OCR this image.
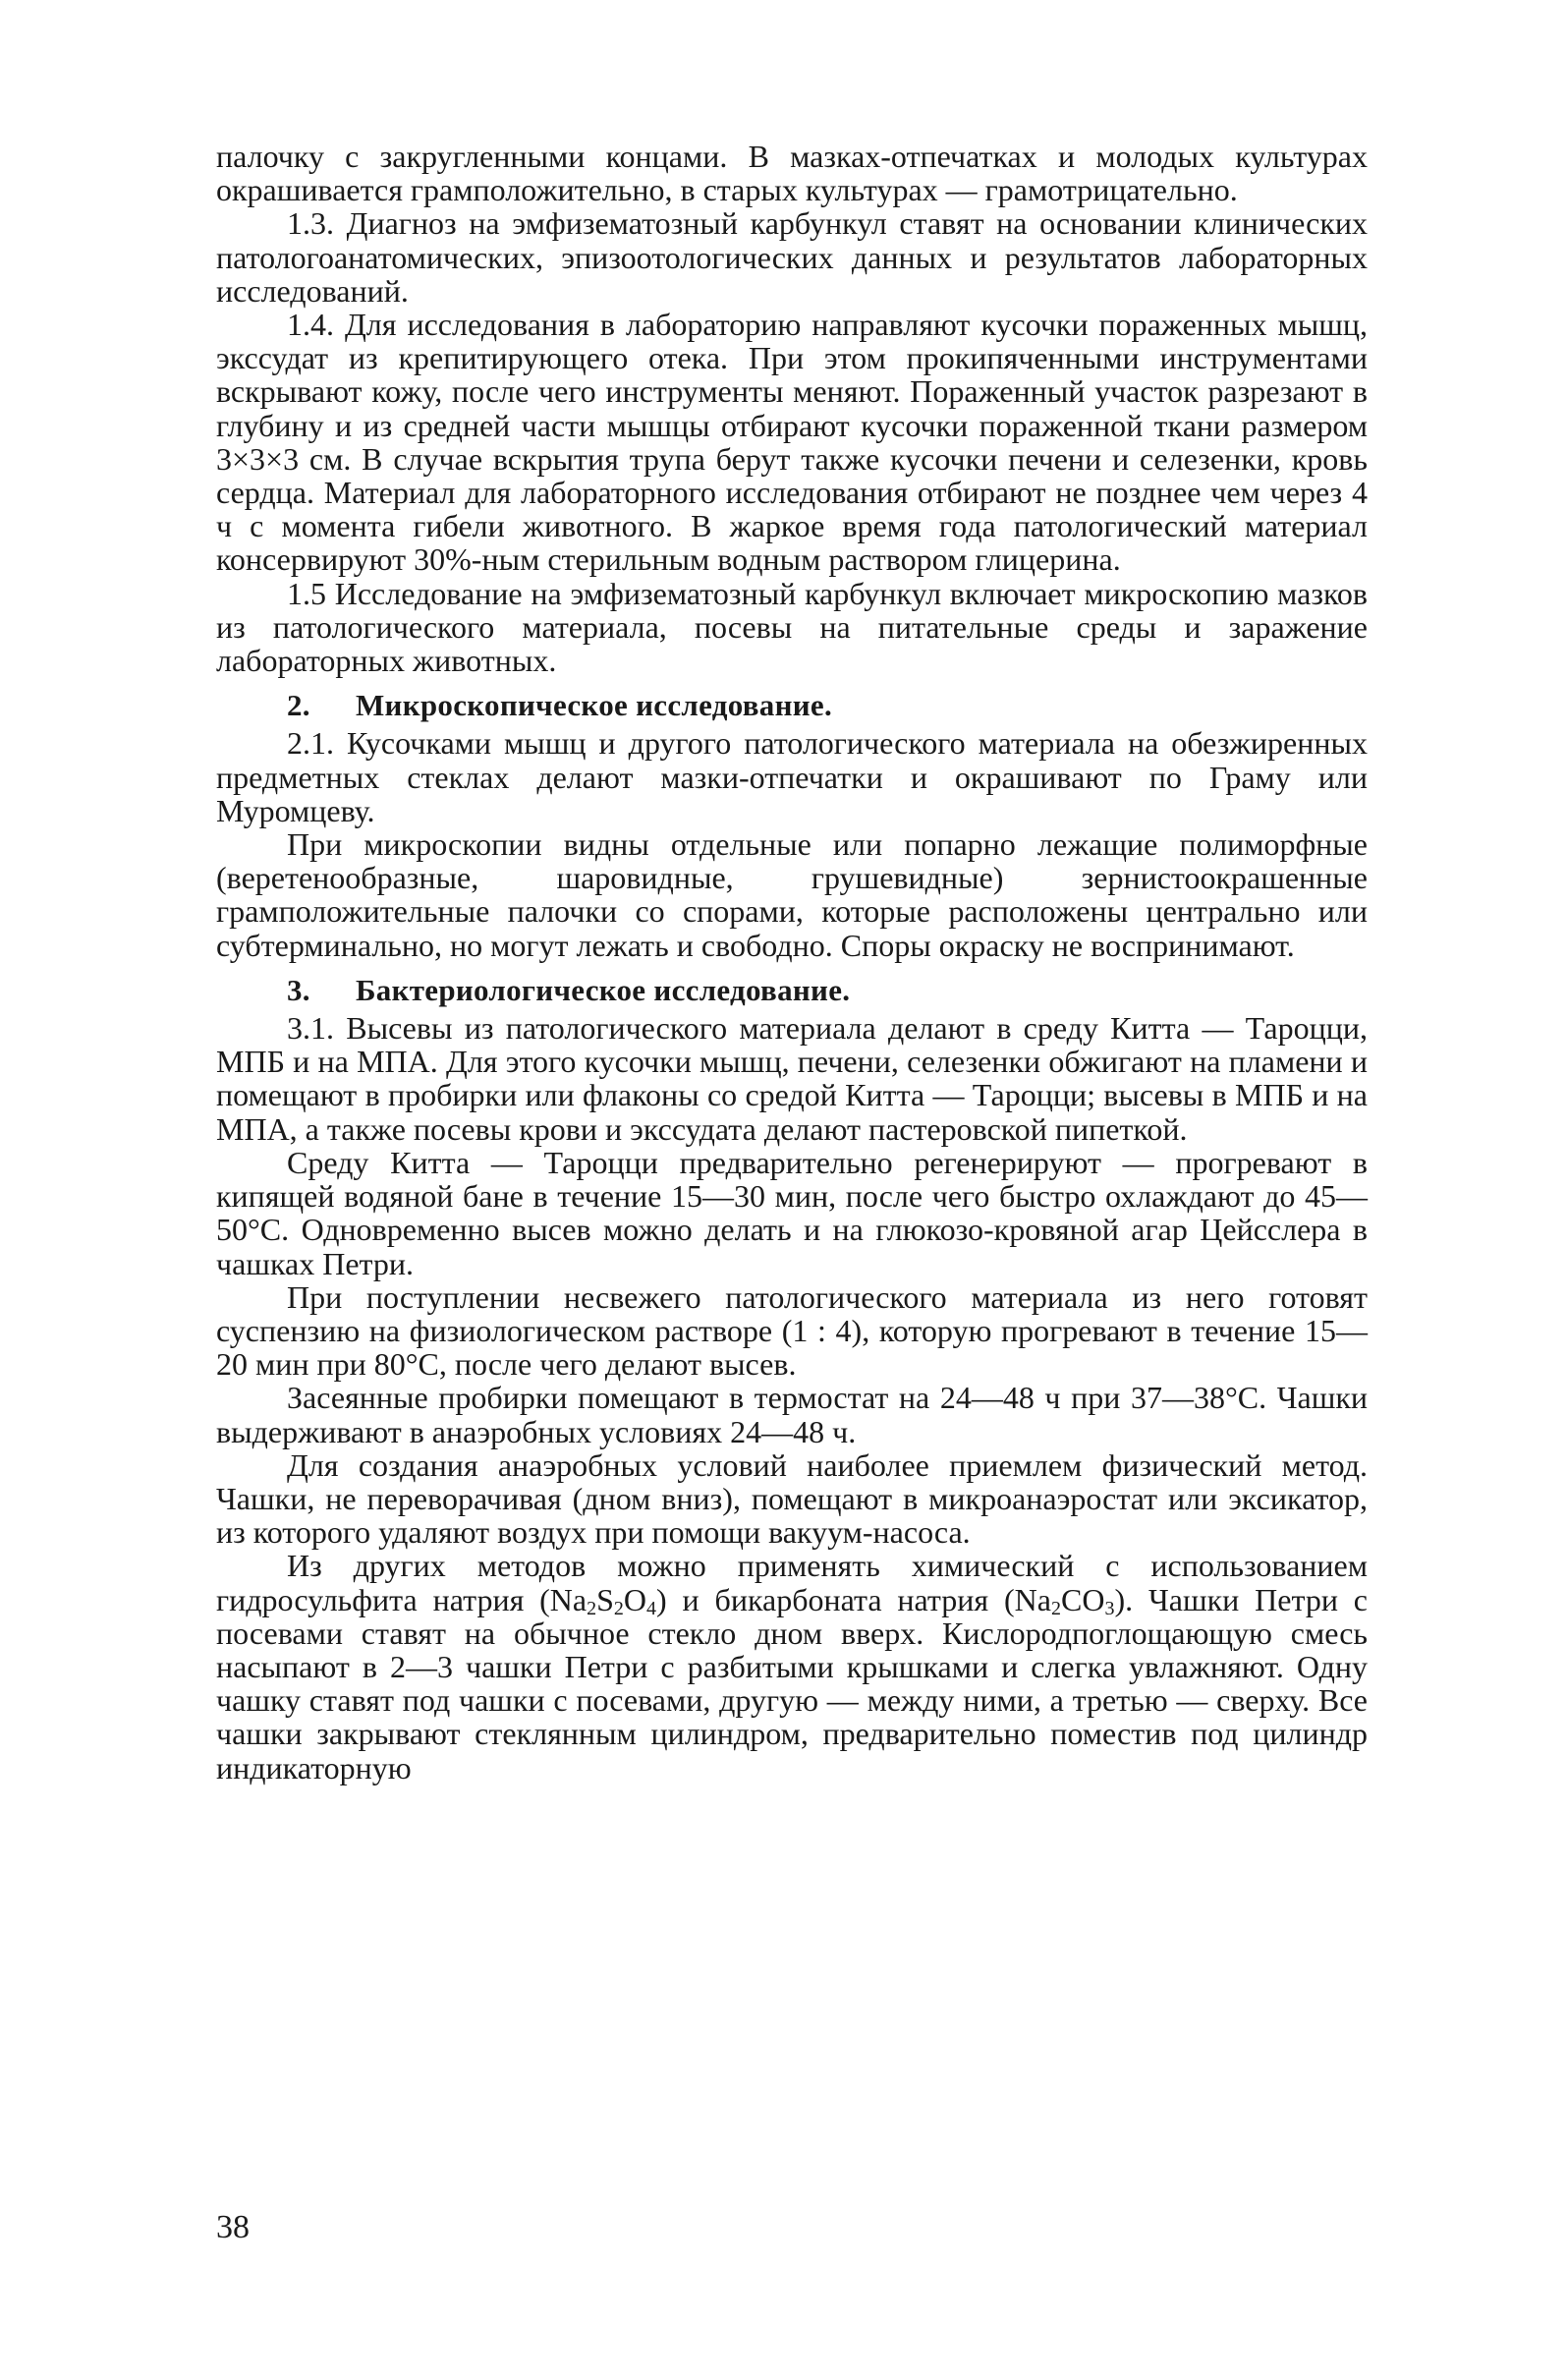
палочку с закругленными концами. В мазках-отпечатках и молодых культурах окрашивается грамположительно, в старых культурах — грамотрицательно.

1.3. Диагноз на эмфизематозный карбункул ставят на основании клинических патологоанатомических, эпизоотологических данных и результатов лабораторных исследований.

1.4. Для исследования в лабораторию направляют кусочки пораженных мышц, экссудат из крепитирующего отека. При этом прокипяченными инструментами вскрывают кожу, после чего инструменты меняют. Пораженный участок разрезают в глубину и из средней части мышцы отбирают кусочки пораженной ткани размером 3×3×3 см. В случае вскрытия трупа берут также кусочки печени и селезенки, кровь сердца. Материал для лабораторного исследования отбирают не позднее чем через 4 ч с момента гибели животного. В жаркое время года патологический материал консервируют 30%-ным стерильным водным раствором глицерина.

1.5 Исследование на эмфизематозный карбункул включает микроскопию мазков из патологического материала, посевы на питательные среды и заражение лабораторных животных.

2. Микроскопическое исследование.

2.1. Кусочками мышц и другого патологического материала на обезжиренных предметных стеклах делают мазки-отпечатки и окрашивают по Граму или Муромцеву.

При микроскопии видны отдельные или попарно лежащие полиморфные (веретенообразные, шаровидные, грушевидные) зернистоокрашенные грамположительные палочки со спорами, которые расположены центрально или субтерминально, но могут лежать и свободно. Споры окраску не воспринимают.

3. Бактериологическое исследование.

3.1. Высевы из патологического материала делают в среду Китта — Тароцци, МПБ и на МПА. Для этого кусочки мышц, печени, селезенки обжигают на пламени и помещают в пробирки или флаконы со средой Китта — Тароцци; высевы в МПБ и на МПА, а также посевы крови и экссудата делают пастеровской пипеткой.

Среду Китта — Тароцци предварительно регенерируют — прогревают в кипящей водяной бане в течение 15—30 мин, после чего быстро охлаждают до 45—50°С. Одновременно высев можно делать и на глюкозо-кровяной агар Цейсслера в чашках Петри.

При поступлении несвежего патологического материала из него готовят суспензию на физиологическом растворе (1 : 4), которую прогревают в течение 15—20 мин при 80°С, после чего делают высев.

Засеянные пробирки помещают в термостат на 24—48 ч при 37—38°С. Чашки выдерживают в анаэробных условиях 24—48 ч.

Для создания анаэробных условий наиболее приемлем физический метод. Чашки, не переворачивая (дном вниз), помещают в микроанаэростат или эксикатор, из которого удаляют воздух при помощи вакуум-насоса.

Из других методов можно применять химический с использованием гидросульфита натрия $(Na_2S_2O_4)$ и бикарбоната натрия $(Na_2CO_3)$. Чашки Петри с посевами ставят на обычное стекло дном вверх. Кислородпоглощающую смесь насыпают в 2—3 чашки Петри с разбитыми крышками и слегка увлажняют. Одну чашку ставят под чашки с посевами, другую — между ними, а третью — сверху. Все чашки закрывают стеклянным цилиндром, предварительно поместив под цилиндр индикаторную

38
